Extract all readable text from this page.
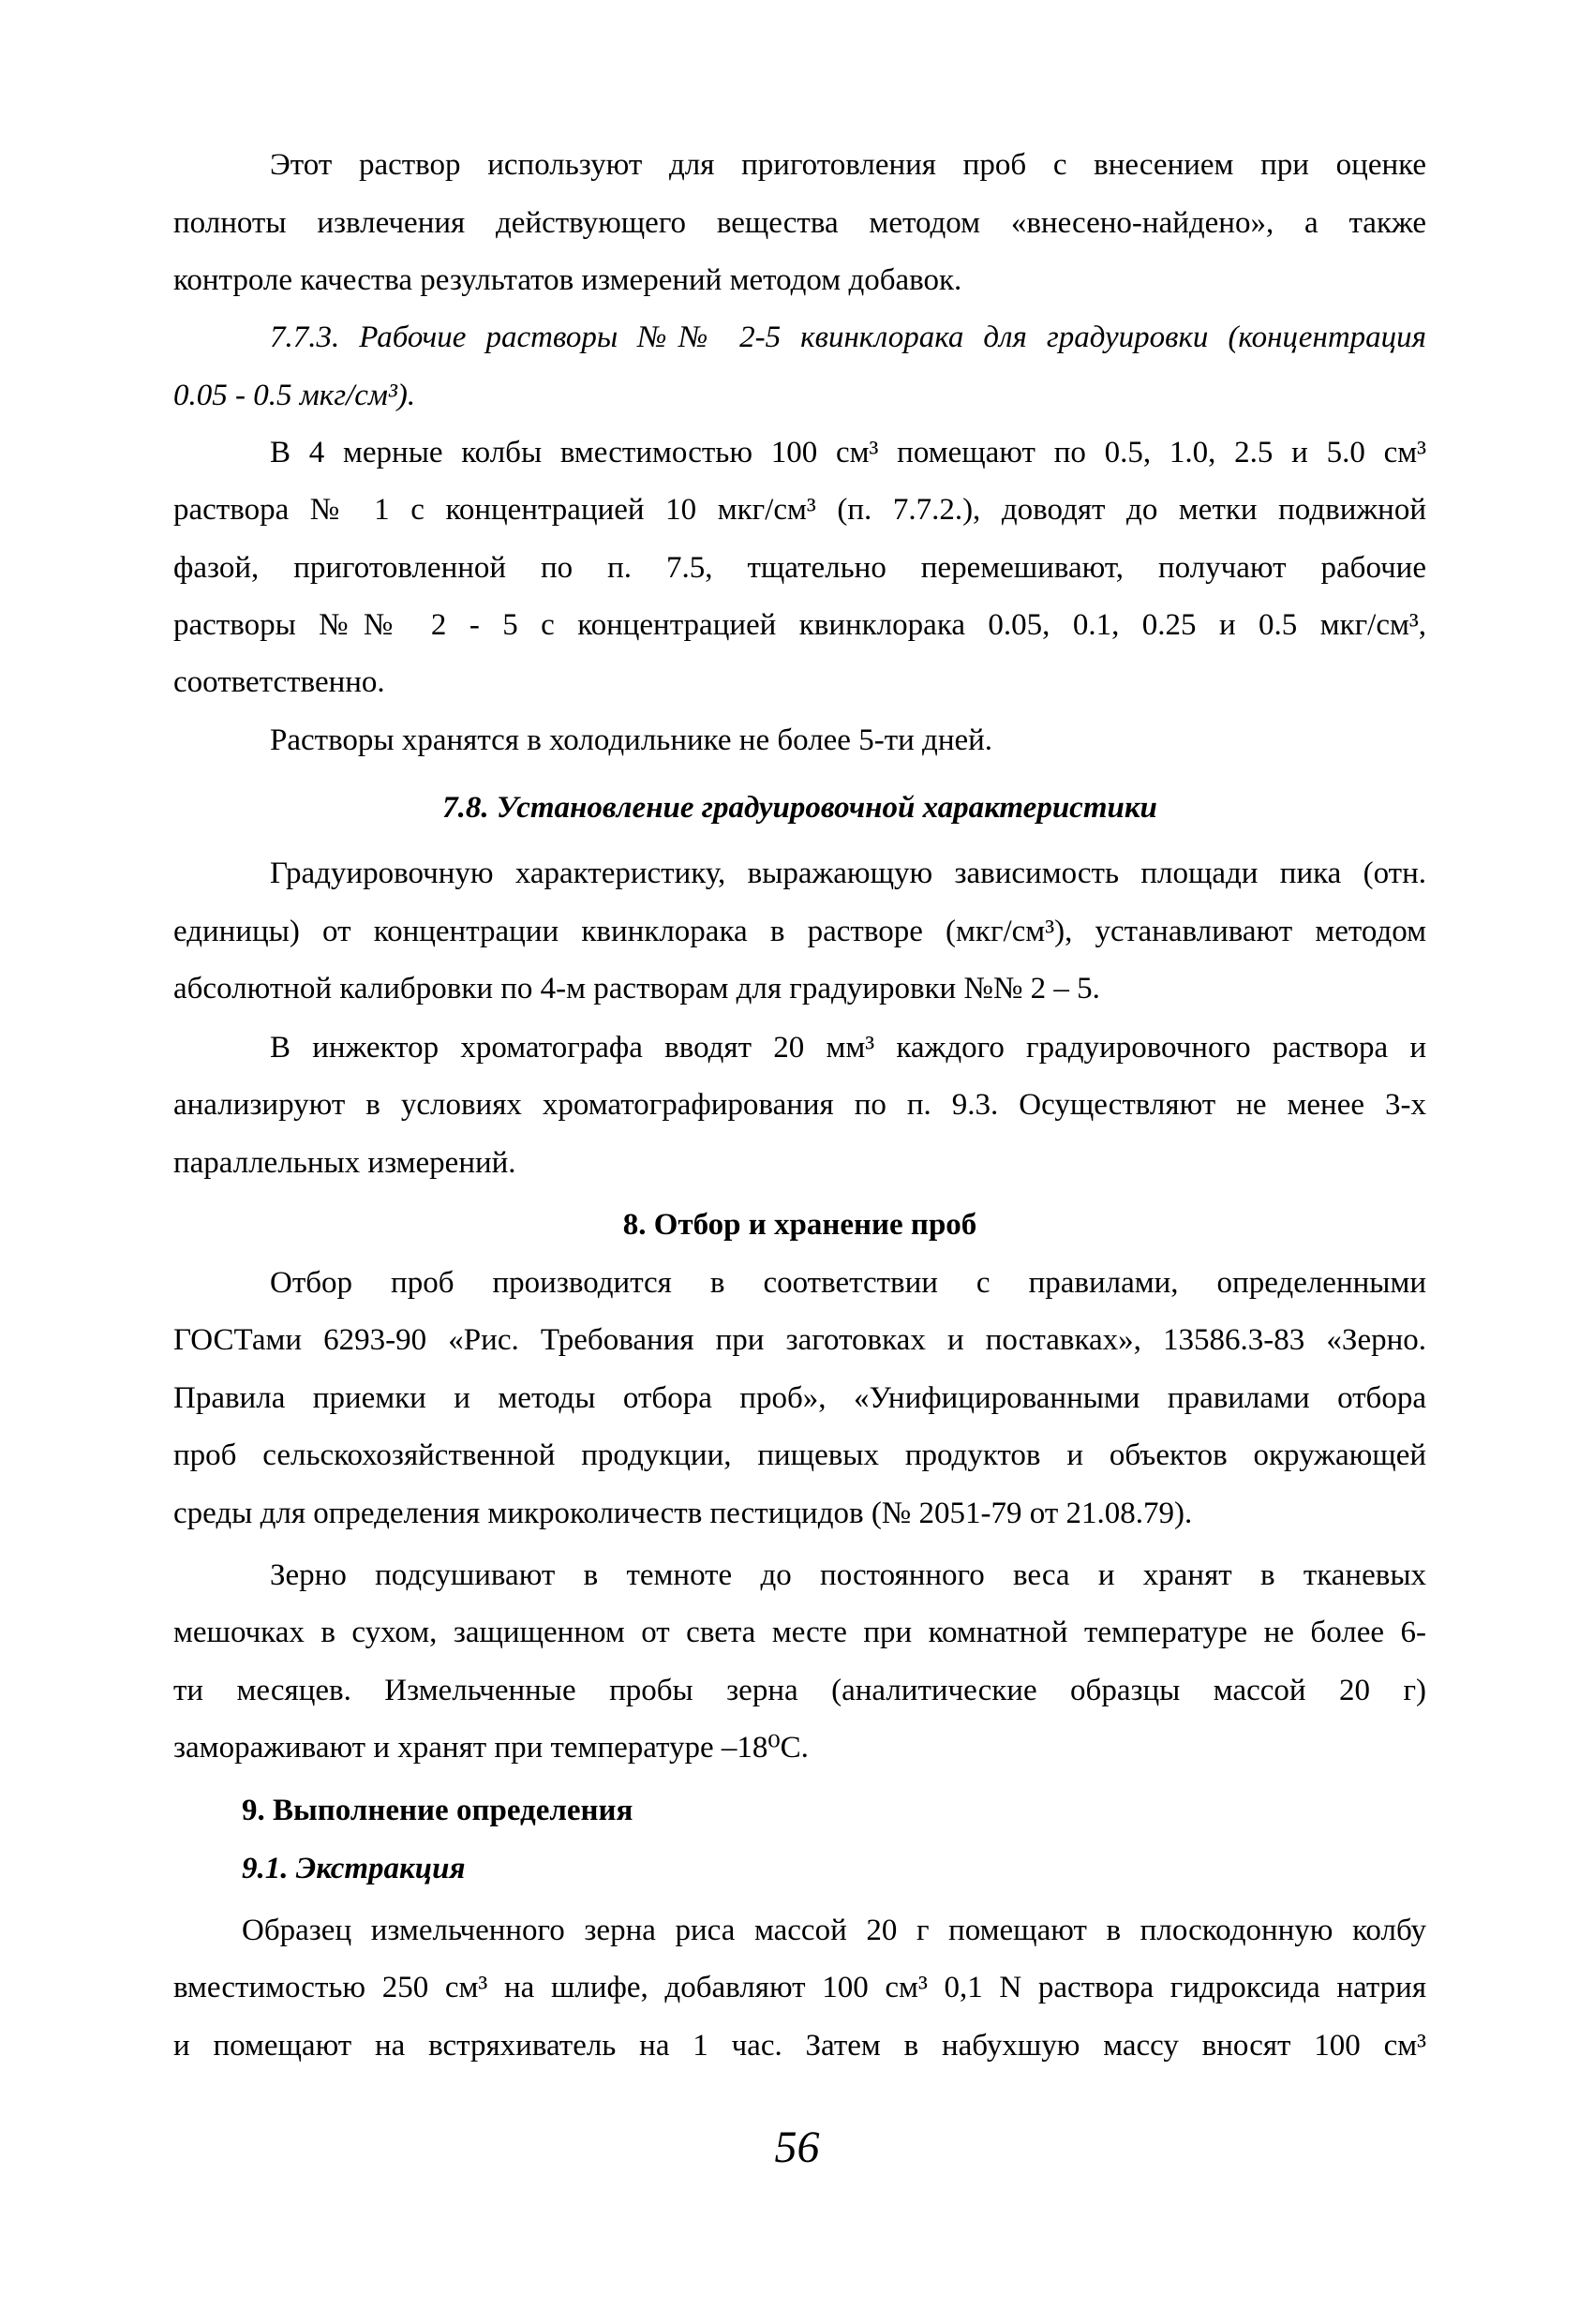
Этот раствор используют для приготовления проб с внесением при оценке

полноты извлечения действующего вещества методом «внесено-найдено», а также

контроле качества результатов измерений методом добавок.

7.7.3. Рабочие растворы №№ 2-5 квинклорака для градуировки (концентрация

0.05 - 0.5 мкг/см³).

В 4 мерные колбы вместимостью 100 см³ помещают по 0.5, 1.0, 2.5 и 5.0 см³

раствора № 1 с концентрацией 10 мкг/см³ (п. 7.7.2.), доводят до метки подвижной

фазой, приготовленной по п. 7.5, тщательно перемешивают, получают рабочие

растворы №№ 2 - 5 с концентрацией квинклорака 0.05, 0.1, 0.25 и 0.5 мкг/см³,

соответственно.

Растворы хранятся в холодильнике не более 5-ти дней.

7.8. Установление градуировочной характеристики

Градуировочную характеристику, выражающую зависимость площади пика (отн.

единицы) от концентрации квинклорака в растворе (мкг/см³), устанавливают методом

абсолютной калибровки по 4-м растворам для градуировки №№ 2 – 5.

В инжектор хроматографа вводят 20 мм³ каждого градуировочного раствора и

анализируют в условиях хроматографирования по п. 9.3. Осуществляют не менее 3-х

параллельных измерений.

8. Отбор и хранение проб

Отбор проб производится в соответствии с правилами, определенными

ГОСТами 6293-90 «Рис. Требования при заготовках и поставках», 13586.3-83 «Зерно.

Правила приемки и методы отбора проб», «Унифицированными правилами отбора

проб сельскохозяйственной продукции, пищевых продуктов и объектов окружающей

среды для определения микроколичеств пестицидов (№ 2051-79 от 21.08.79).

Зерно подсушивают в темноте до постоянного веса и хранят в тканевых

мешочках в сухом, защищенном от света месте при комнатной температуре не более 6-

ти месяцев. Измельченные пробы зерна (аналитические образцы массой 20 г)

замораживают и хранят при температуре –18⁰С.

9. Выполнение определения

9.1. Экстракция

Образец измельченного зерна риса массой 20 г помещают в плоскодонную колбу

вместимостью 250 см³ на шлифе, добавляют 100 см³ 0,1 N раствора гидроксида натрия

и помещают на встряхиватель на 1 час. Затем в набухшую массу вносят 100 см³

56
